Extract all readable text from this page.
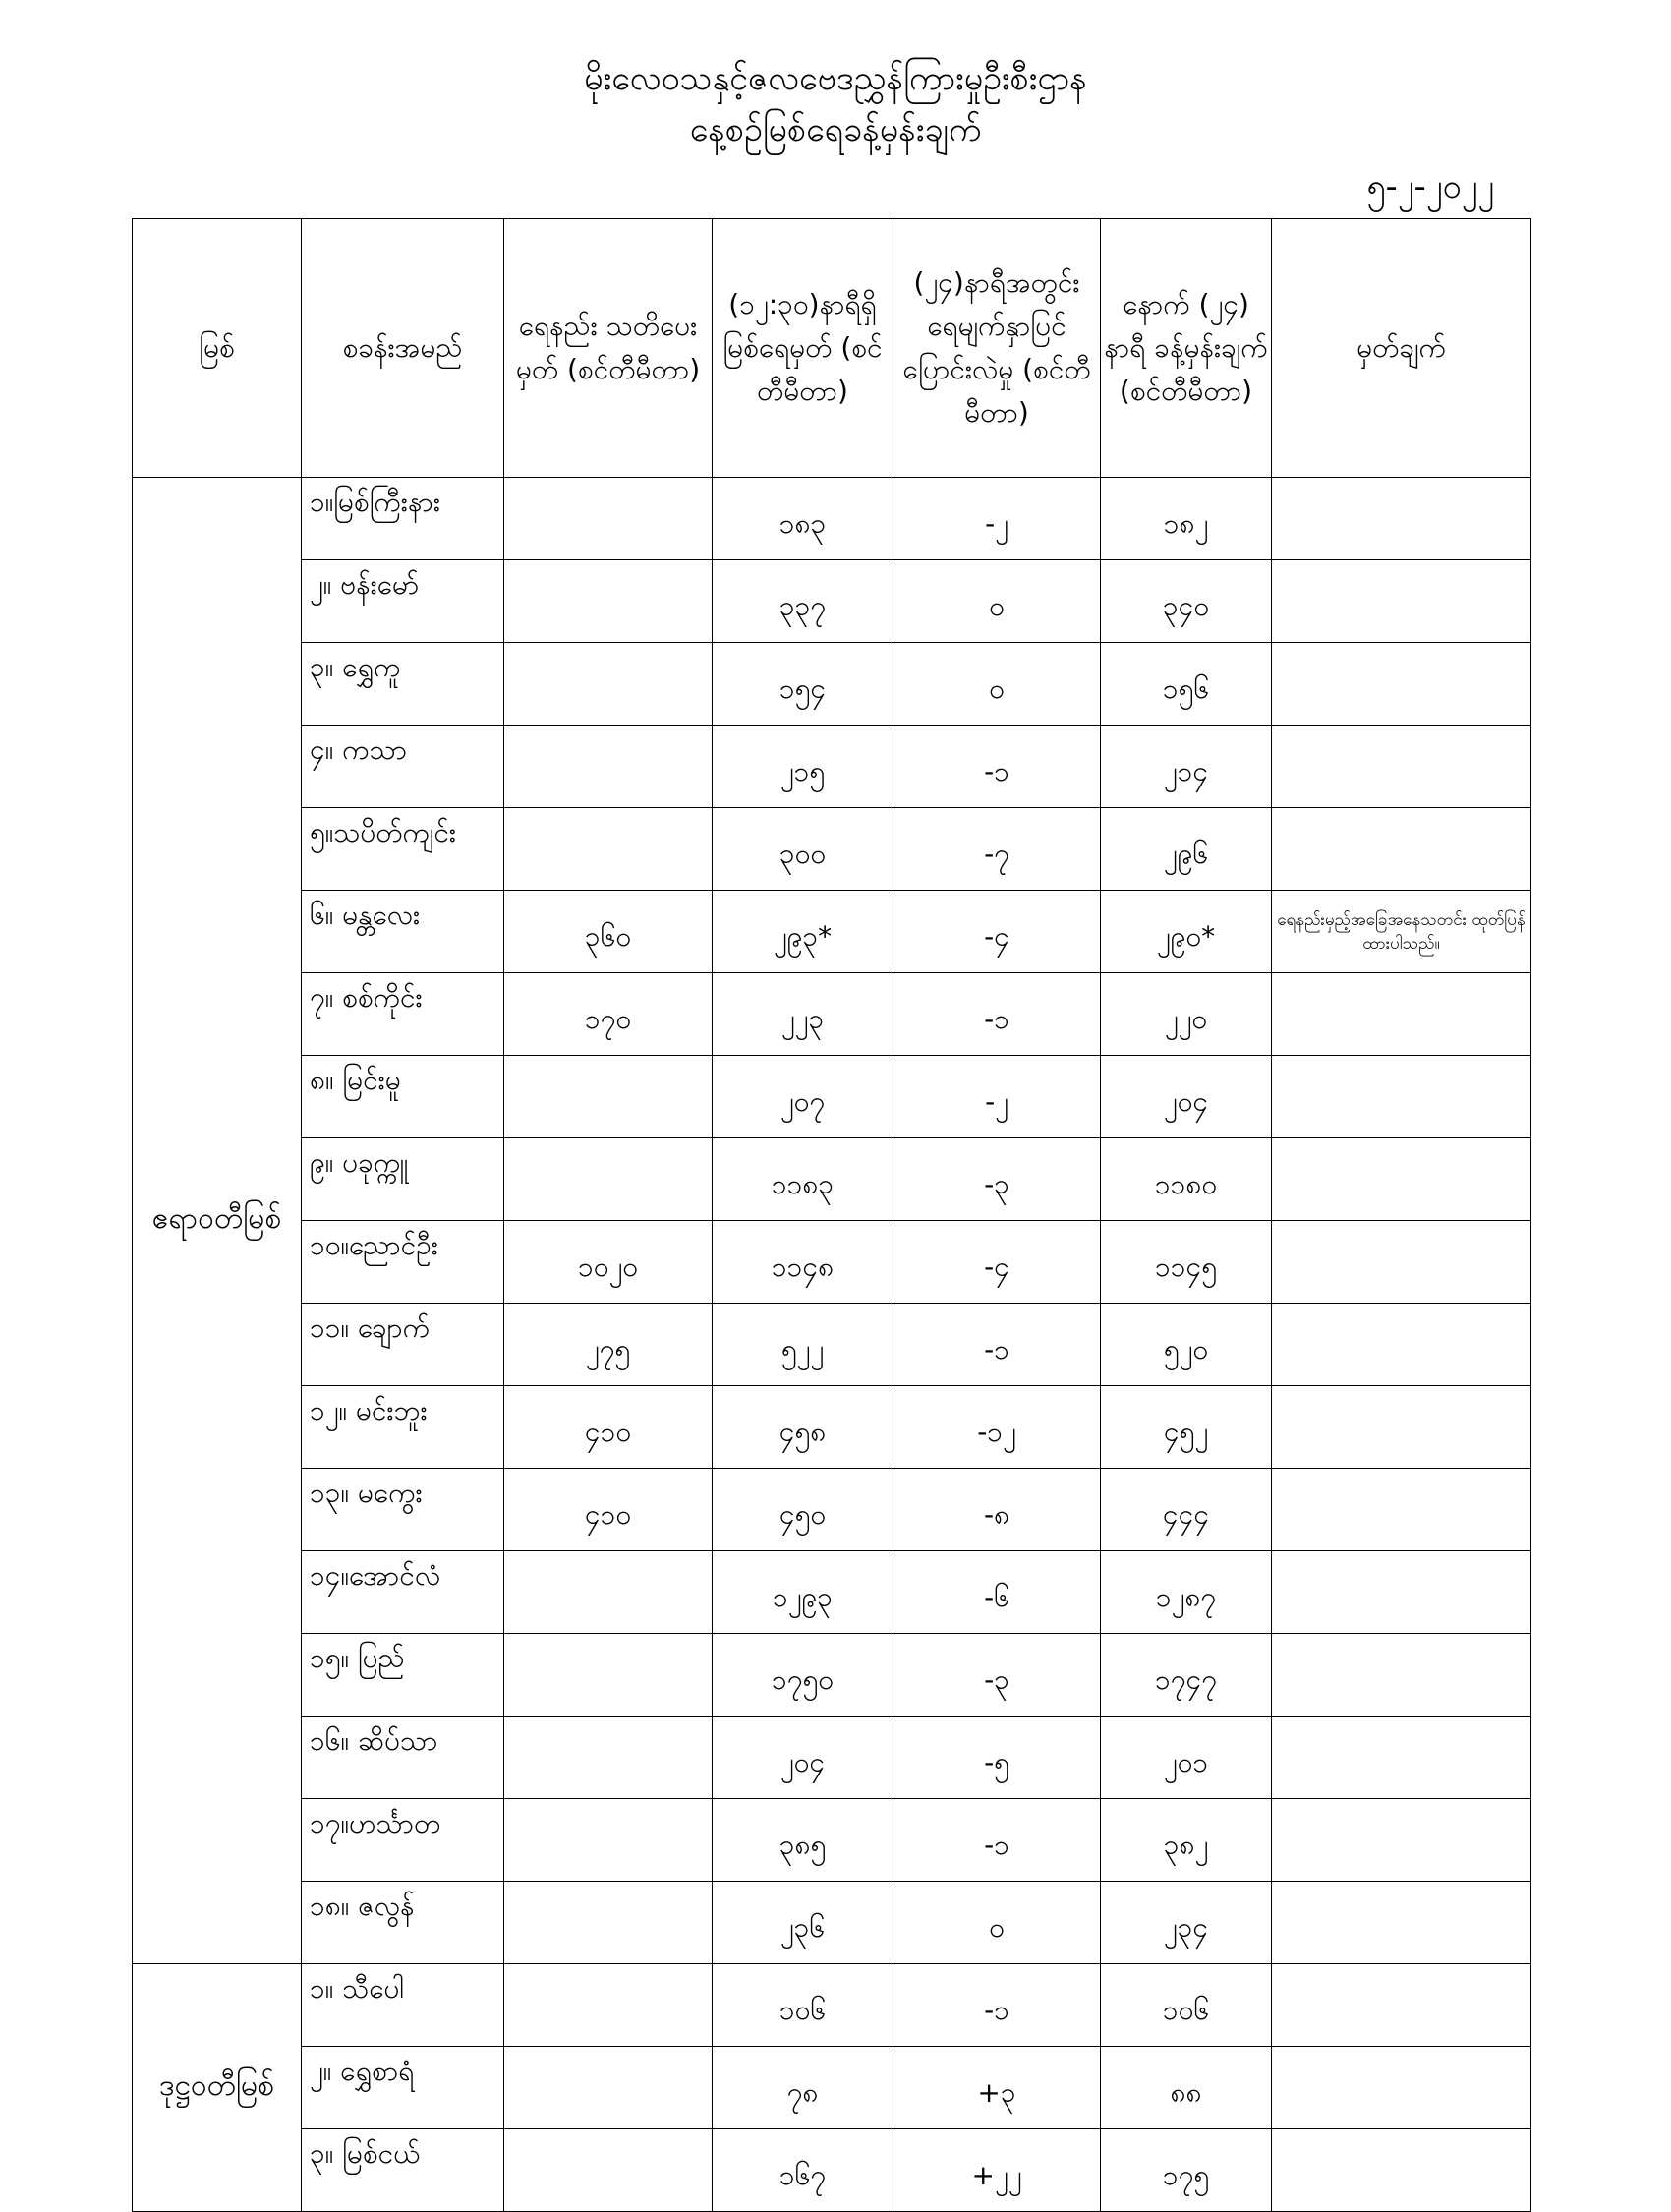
မိုးလေဝသနှင့်ဇလဗေဒညွှန်ကြားမှုဦးစီးဌာန
နေ့စဉ်မြစ်ရေခန့်မှန်းချက်
၅-၂-၂၀၂၂
မြစ်	စခန်းအမည်	ရေနည်း သတိပေးမှတ် (စင်တီမီတာ)	(၁၂:၃၀)နာရီရှိ မြစ်ရေမှတ် (စင်တီမီတာ)	(၂၄)နာရီအတွင်း ရေမျက်နှာပြင် ပြောင်းလဲမှု (စင်တီမီတာ)	နောက် (၂၄) နာရီ ခန့်မှန်းချက် (စင်တီမီတာ)	မှတ်ချက်
ဧရာဝတီမြစ်	၁။မြစ်ကြီးနား		၁၈၃	-၂	၁၈၂	
	၂။ ဗန်းမော်		၃၃၇	၀	၃၄၀	
	၃။ ရွှေကူ		၁၅၄	၀	၁၅၆	
	၄။ ကသာ		၂၁၅	-၁	၂၁၄	
	၅။သပိတ်ကျင်း		၃၀၀	-၇	၂၉၆	
	၆။ မန္တလေး	၃၆၀	၂၉၃*	-၄	၂၉၀*	ရေနည်းမှည့်အခြေအနေသတင်း ထုတ်ပြန်ထားပါသည်။
	၇။ စစ်ကိုင်း	၁၇၀	၂၂၃	-၁	၂၂၀	
	၈။ မြင်းမူ		၂၀၇	-၂	၂၀၄	
	၉။ ပခုက္ကူ		၁၁၈၃	-၃	၁၁၈၀	
	၁၀။ညောင်ဦး	၁၀၂၀	၁၁၄၈	-၄	၁၁၄၅	
	၁၁။ ချောက်	၂၇၅	၅၂၂	-၁	၅၂၀	
	၁၂။ မင်းဘူး	၄၁၀	၄၅၈	-၁၂	၄၅၂	
	၁၃။ မကွေး	၄၁၀	၄၅၀	-၈	၄၄၄	
	၁၄။အောင်လံ		၁၂၉၃	-၆	၁၂၈၇	
	၁၅။ ပြည်		၁၇၅၀	-၃	၁၇၄၇	
	၁၆။ ဆိပ်သာ		၂၀၄	-၅	၂၀၁	
	၁၇။ဟင်္သာတ		၃၈၅	-၁	၃၈၂	
	၁၈။ ဇလွန်		၂၃၆	၀	၂၃၄	
ဒုဋ္ဌဝတီမြစ်	၁။ သီပေါ		၁၀၆	-၁	၁၀၆	
	၂။ ရွှေစာရံ		၇၈	+၃	၈၈	
	၃။ မြစ်ငယ်		၁၆၇	+၂၂	၁၇၅	
